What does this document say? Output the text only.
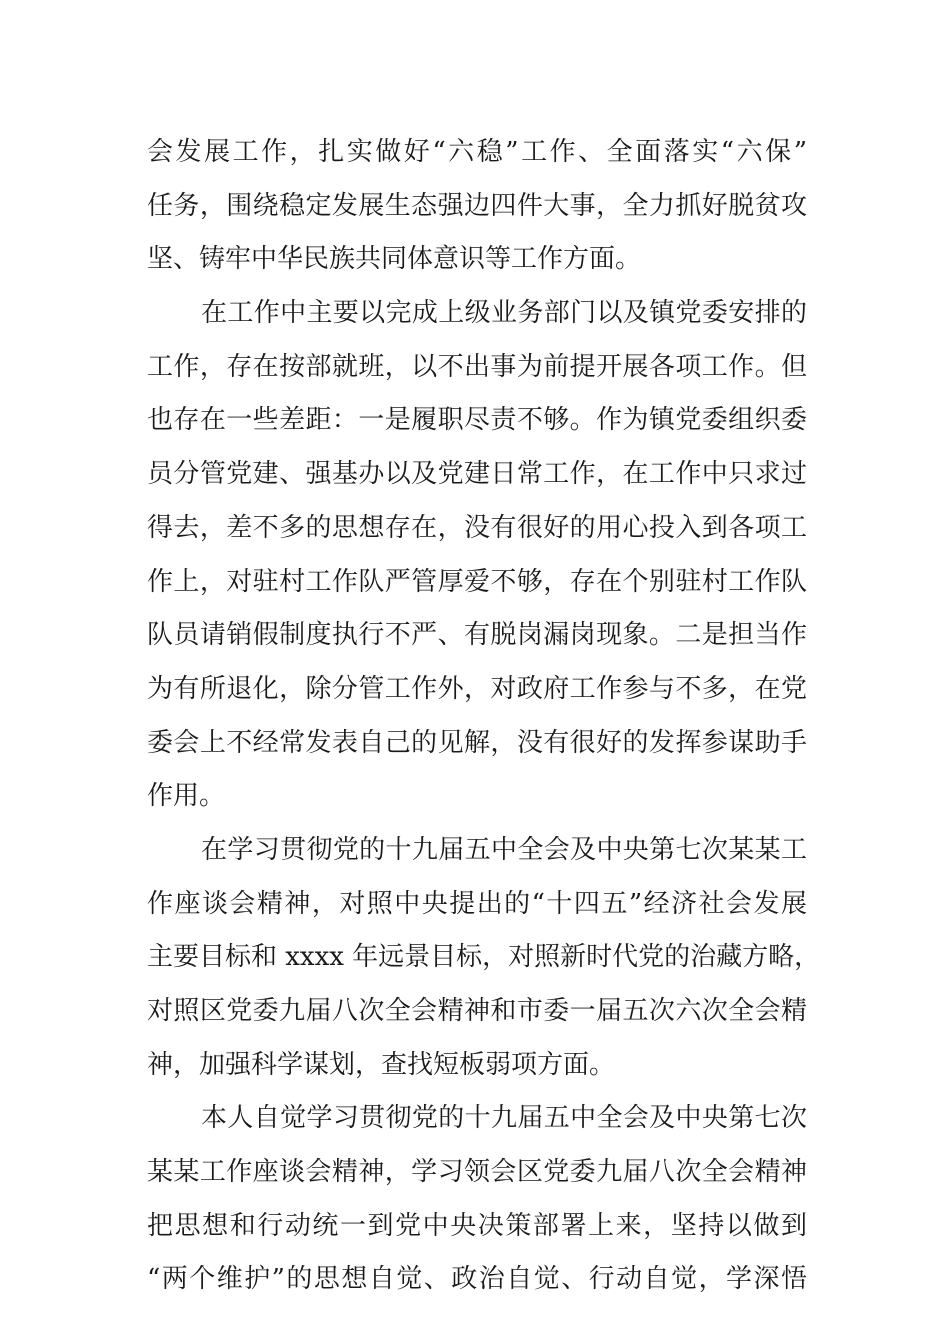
会发展工作，扎实做好“六稳”工作、全面落实“六保”
任务，围绕稳定发展生态强边四件大事，全力抓好脱贫攻
坚、铸牢中华民族共同体意识等工作方面。
在工作中主要以完成上级业务部门以及镇党委安排的
工作，存在按部就班，以不出事为前提开展各项工作。但
也存在一些差距：一是履职尽责不够。作为镇党委组织委
员分管党建、强基办以及党建日常工作，在工作中只求过
得去，差不多的思想存在，没有很好的用心投入到各项工
作上，对驻村工作队严管厚爱不够，存在个别驻村工作队
队员请销假制度执行不严、有脱岗漏岗现象。二是担当作
为有所退化，除分管工作外，对政府工作参与不多，在党
委会上不经常发表自己的见解，没有很好的发挥参谋助手
作用。
在学习贯彻党的十九届五中全会及中央第七次某某工
作座谈会精神，对照中央提出的“十四五”经济社会发展
主要目标和 xxxx 年远景目标，对照新时代党的治藏方略，
对照区党委九届八次全会精神和市委一届五次六次全会精
神，加强科学谋划，查找短板弱项方面。
本人自觉学习贯彻党的十九届五中全会及中央第七次
某某工作座谈会精神，学习领会区党委九届八次全会精神
把思想和行动统一到党中央决策部署上来，坚持以做到
“两个维护”的思想自觉、政治自觉、行动自觉，学深悟
